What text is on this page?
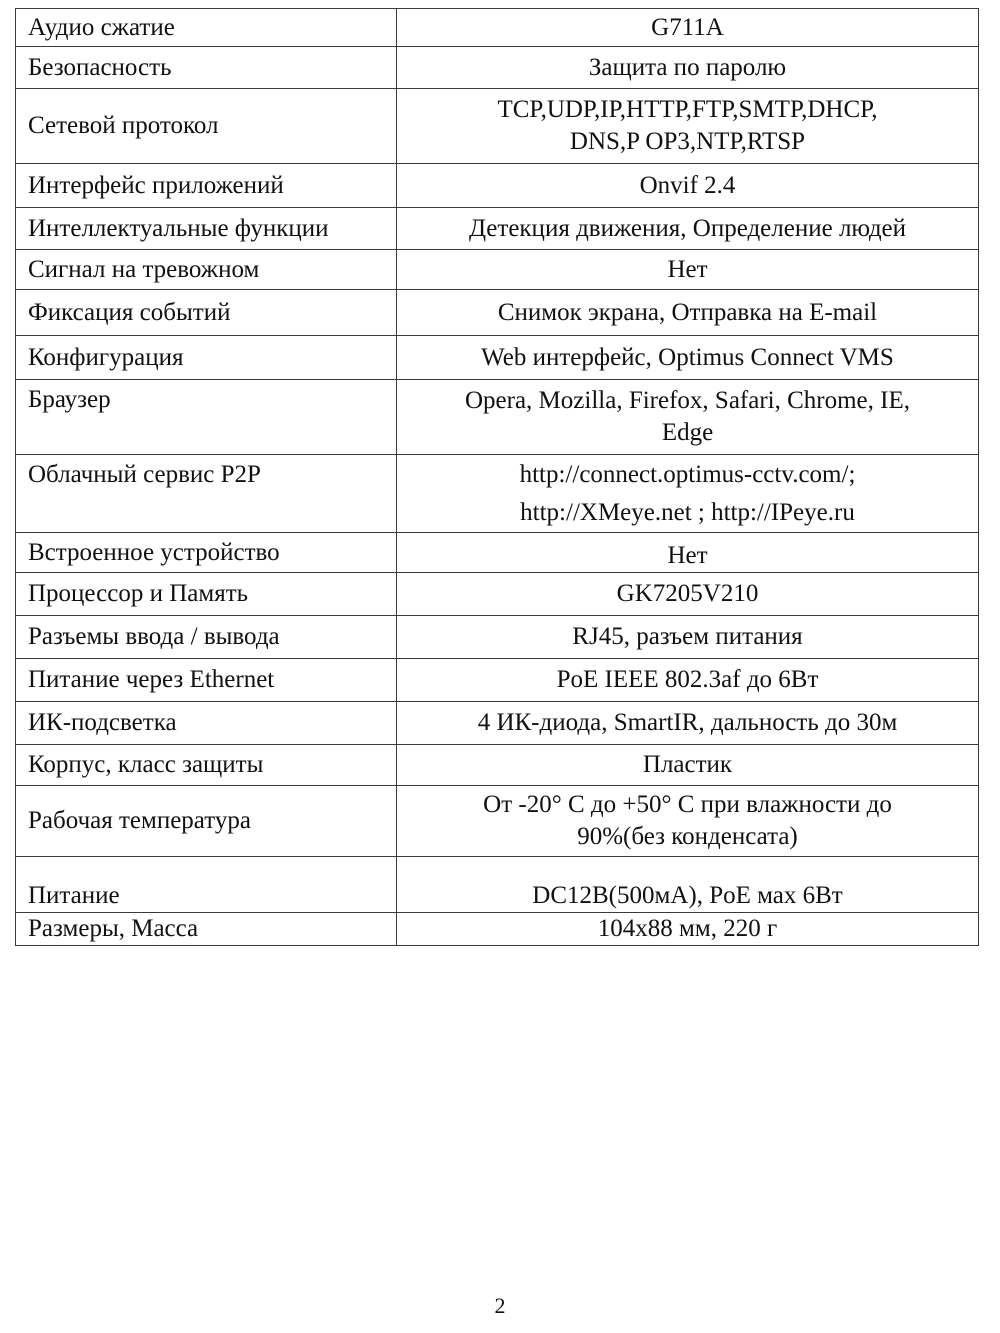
Аудио сжатие	G711A
Безопасность	Защита по паролю
Сетевой протокол	TCP,UDP,IP,HTTP,FTP,SMTP,DHCP,
DNS,P OP3,NTP,RTSP

Интерфейс приложений	Onvif 2.4
Интеллектуальные функции	Детекция движения, Определение людей
Сигнал на тревожном	Нет
Фиксация событий	Снимок экрана, Отправка на E-mail
Конфигурация	Web интерфейс, Optimus Connect VMS
Браузер	Opera, Mozilla, Firefox, Safari, Chrome, IE,
Edge

Облачный сервис P2P	http://connect.optimus-cctv.com/;
http://XMeye.net ; http://IPeye.ru

Встроенное устройство	Нет
Процессор и Память	GK7205V210
Разъемы ввода / вывода	RJ45, разъем питания
Питание через Ethernet	PoE IEEE 802.3af до 6Вт
ИК-подсветка	4 ИК-диода, SmartIR, дальность до 30м
Корпус, класс защиты	Пластик
Рабочая температура	От -20° С до +50° С при влажности до
90%(без конденсата)

Питание	DC12В(500мА), PoE мах 6Вт
Размеры, Масса	104х88 мм, 220 г
2
